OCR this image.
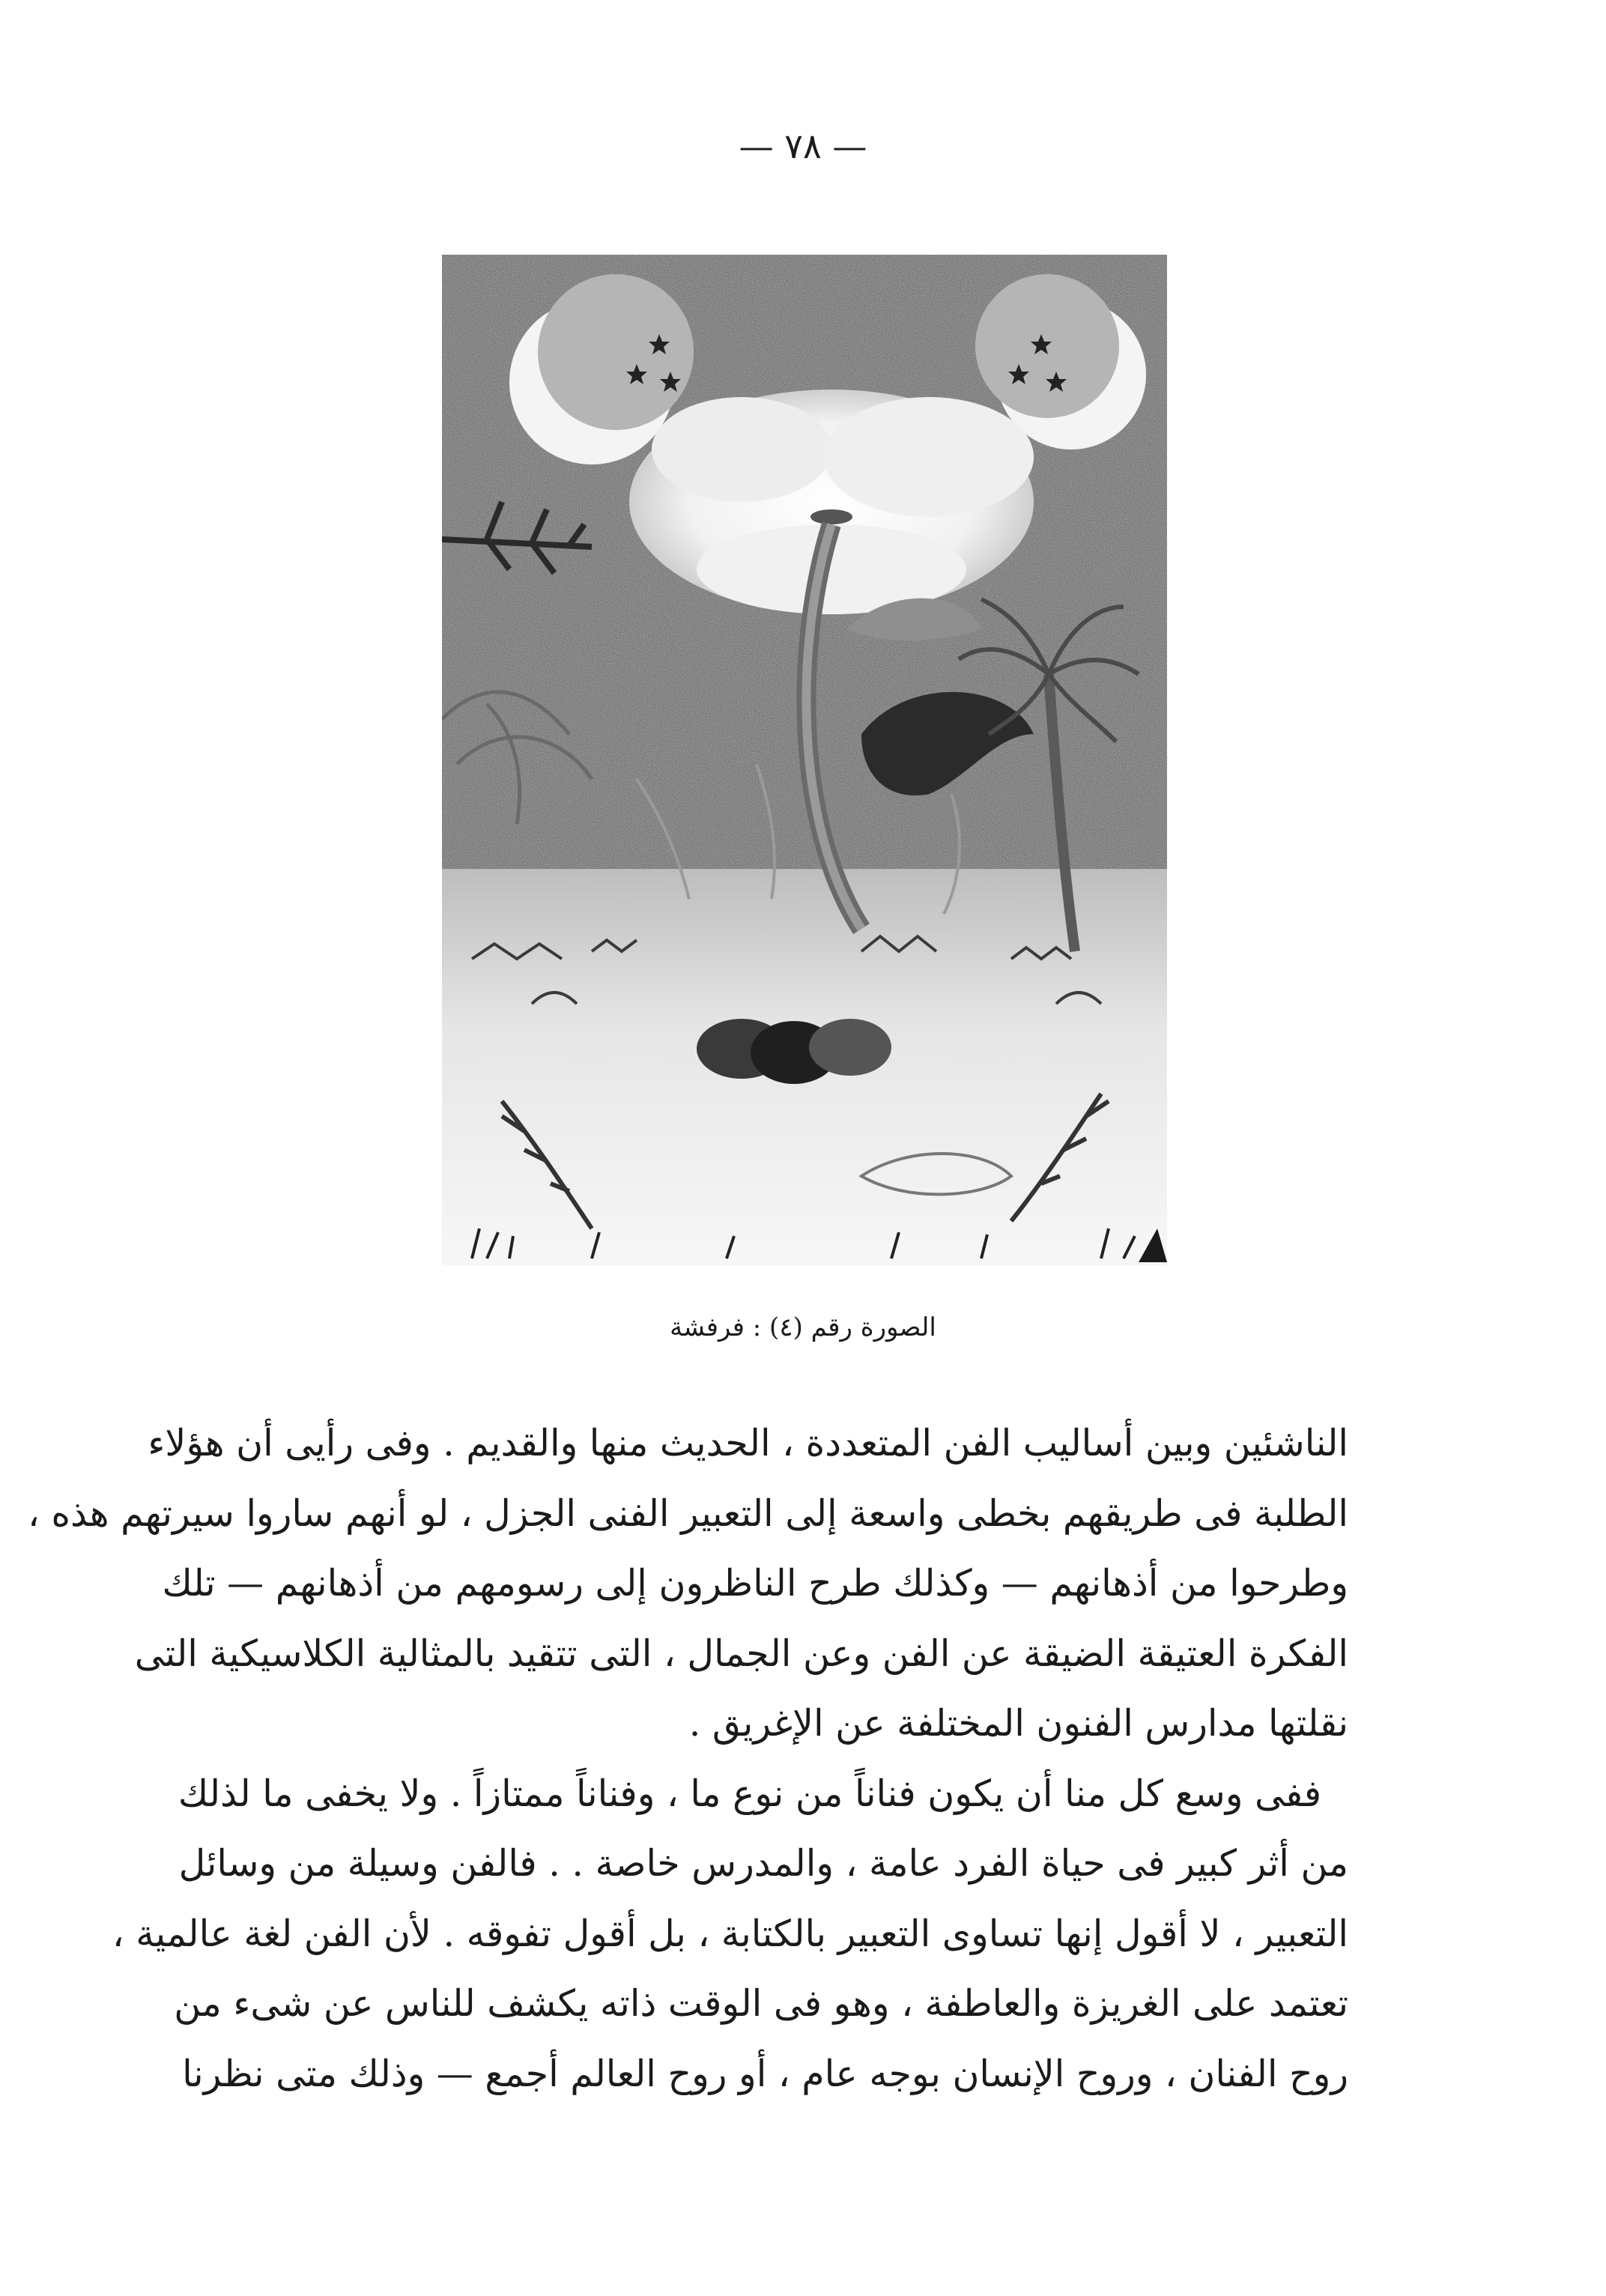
— ٧٨ —
الصورة رقم (٤) : فرفشة
الناشئين وبين أساليب الفن المتعددة ، الحديث منها والقديم . وفى رأيى أن هؤلاء
الطلبة فى طريقهم بخطى واسعة إلى التعبير الفنى الجزل ، لو أنهم ساروا سيرتهم هذه ،
وطرحوا من أذهانهم — وكذلك طرح الناظرون إلى رسومهم من أذهانهم — تلك
الفكرة العتيقة الضيقة عن الفن وعن الجمال ، التى تتقيد بالمثالية الكلاسيكية التى
نقلتها مدارس الفنون المختلفة عن الإغريق .
ففى وسع كل منا أن يكون فناناً من نوع ما ، وفناناً ممتازاً . ولا يخفى ما لذلك
من أثر كبير فى حياة الفرد عامة ، والمدرس خاصة . . فالفن وسيلة من وسائل
التعبير ، لا أقول إنها تساوى التعبير بالكتابة ، بل أقول تفوقه . لأن الفن لغة عالمية ،
تعتمد على الغريزة والعاطفة ، وهو فى الوقت ذاته يكشف للناس عن شىء من
روح الفنان ، وروح الإنسان بوجه عام ، أو روح العالم أجمع — وذلك متى نظرنا
